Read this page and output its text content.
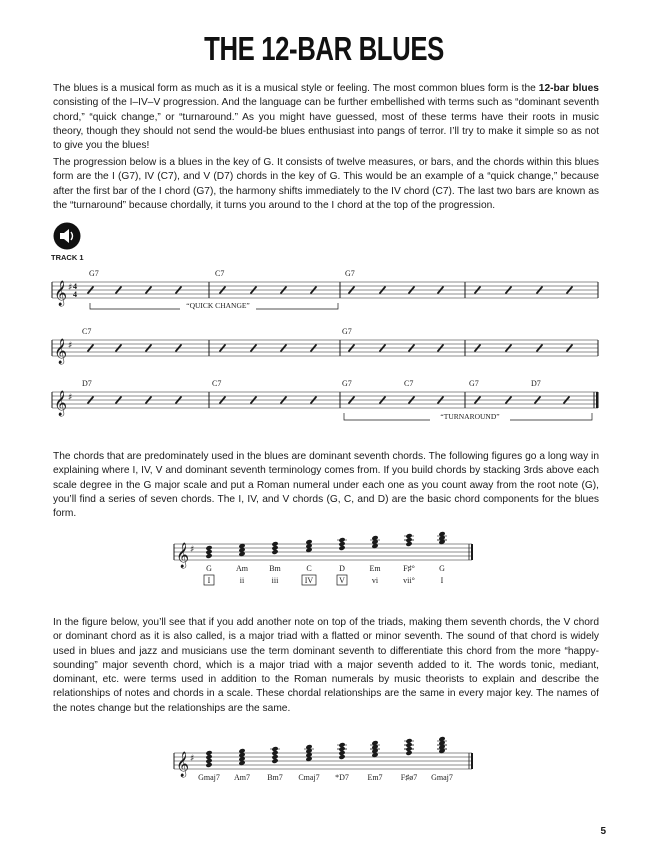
THE 12-BAR BLUES

The blues is a musical form as much as it is a musical style or feeling. The most common blues form is the 12-bar blues consisting of the I–IV–V progression. And the language can be further embellished with terms such as “dominant seventh chord,” “quick change,” or “turnaround.” As you might have guessed, most of these terms have their roots in music theory, though they should not send the would-be blues enthusiast into pangs of terror. I’ll try to make it simple so as not to give you the blues!

The progression below is a blues in the key of G. It consists of twelve measures, or bars, and the chords within this blues form are the I (G7), IV (C7), and V (D7) chords in the key of G. This would be an example of a “quick change,” because after the first bar of the I chord (G7), the harmony shifts immediately to the IV chord (C7). The last two bars are known as the “turnaround” because chordally, it turns you around to the I chord at the top of the progression.

TRACK 1
𝄞 ♯ 4
4
G7	C7	G7
“QUICK CHANGE”
𝄞 ♯
C7	G7
𝄞 ♯
D7	C7	G7	C7	G7	D7
“TURNAROUND”

The chords that are predominately used in the blues are dominant seventh chords. The following figures go a long way in explaining where I, IV, V and dominant seventh terminology comes from. If you build chords by stacking 3rds above each scale degree in the G major scale and put a Roman numeral under each one as you count away from the root note (G), you’ll find a series of seven chords. The I, IV, and V chords (G, C, and D) are the basic chord components for the blues form.

𝄞 ♯
G
I
Am
ii
Bm
iii
C
IV
D
V
Em
vi
F♯°
vii°
G
I

In the figure below, you’ll see that if you add another note on top of the triads, making them seventh chords, the V chord or dominant chord as it is also called, is a major triad with a flatted or minor seventh. The sound of that chord is widely used in blues and jazz and musicians use the term dominant seventh to differentiate this chord from the more “happy-sounding” major seventh chord, which is a major triad with a major seventh added to it. The words tonic, mediant, dominant, etc. were terms used in addition to the Roman numerals by music theorists to explain and describe the relationships of notes and chords in a scale. These chordal relationships are the same in every major key. The names of the notes change but the relationships are the same.

𝄞 ♯
Gmaj7 Am7 Bm7 Cmaj7 *D7 Em7 F♯ø7 Gmaj7
5
